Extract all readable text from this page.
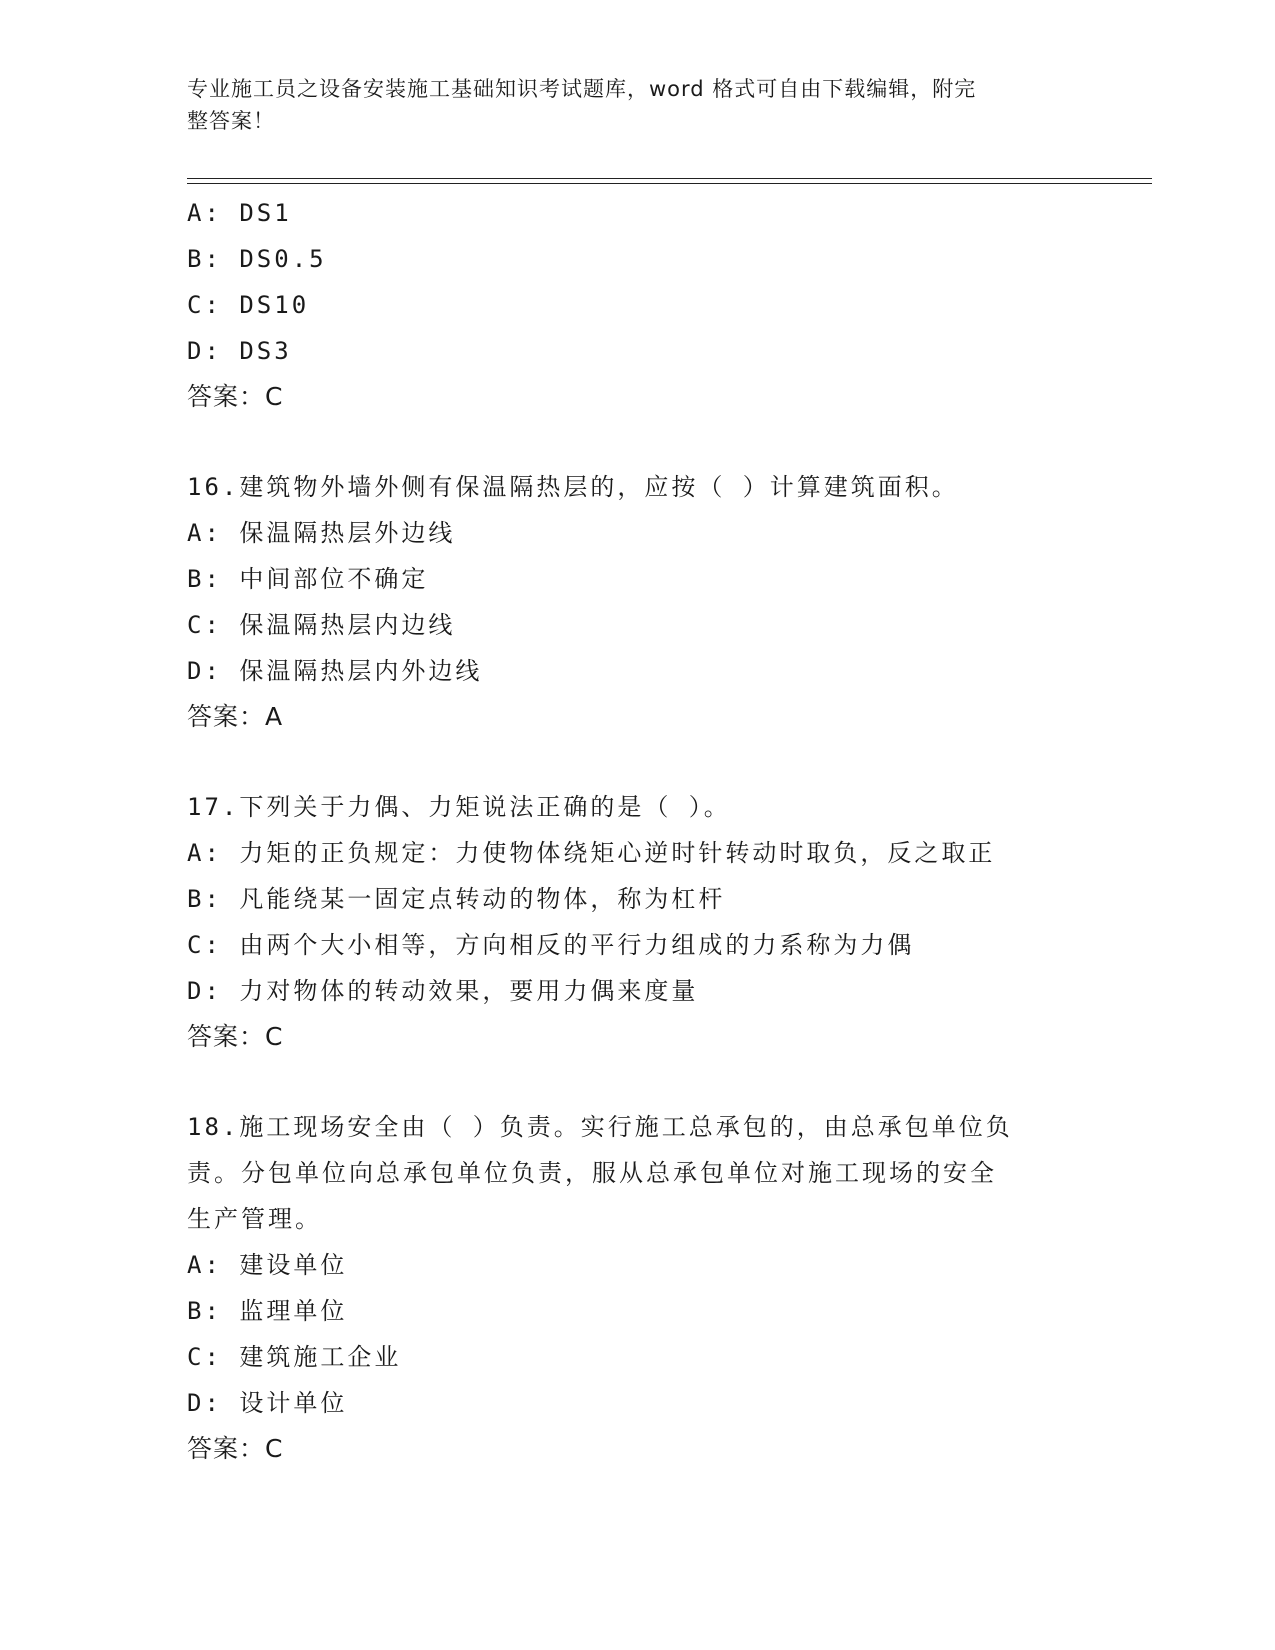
专业施工员之设备安装施工基础知识考试题库，word 格式可自由下载编辑，附完
整答案！
A: DS1
B: DS0.5
C: DS10
D: DS3
答案：C
16.建筑物外墙外侧有保温隔热层的，应按（ ）计算建筑面积。
A: 保温隔热层外边线
B: 中间部位不确定
C: 保温隔热层内边线
D: 保温隔热层内外边线
答案：A
17.下列关于力偶、力矩说法正确的是（ ）。
A: 力矩的正负规定：力使物体绕矩心逆时针转动时取负，反之取正
B: 凡能绕某一固定点转动的物体，称为杠杆
C: 由两个大小相等，方向相反的平行力组成的力系称为力偶
D: 力对物体的转动效果，要用力偶来度量
答案：C
18.施工现场安全由（ ）负责。实行施工总承包的，由总承包单位负
责。分包单位向总承包单位负责，服从总承包单位对施工现场的安全
生产管理。
A: 建设单位
B: 监理单位
C: 建筑施工企业
D: 设计单位
答案：C
